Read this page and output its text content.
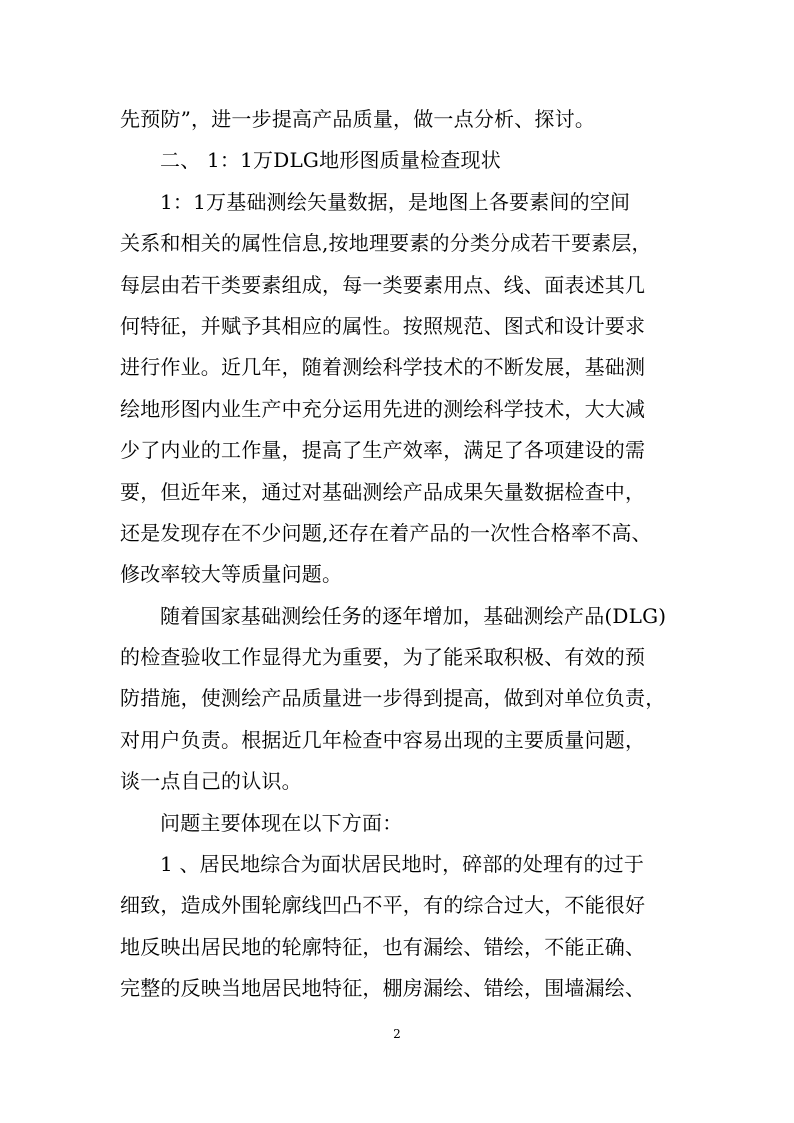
先预防”，进一步提高产品质量，做一点分析、探讨。
二、 1：1万DLG地形图质量检查现状
1：1万基础测绘矢量数据，是地图上各要素间的空间
关系和相关的属性信息,按地理要素的分类分成若干要素层，
每层由若干类要素组成，每一类要素用点、线、面表述其几
何特征，并赋予其相应的属性。按照规范、图式和设计要求
进行作业。近几年，随着测绘科学技术的不断发展，基础测
绘地形图内业生产中充分运用先进的测绘科学技术，大大减
少了内业的工作量，提高了生产效率，满足了各项建设的需
要，但近年来，通过对基础测绘产品成果矢量数据检查中，
还是发现存在不少问题,还存在着产品的一次性合格率不高、
修改率较大等质量问题。
随着国家基础测绘任务的逐年增加，基础测绘产品(DLG)
的检查验收工作显得尤为重要，为了能采取积极、有效的预
防措施，使测绘产品质量进一步得到提高，做到对单位负责，
对用户负责。根据近几年检查中容易出现的主要质量问题，
谈一点自己的认识。
问题主要体现在以下方面：
1 、居民地综合为面状居民地时，碎部的处理有的过于
细致，造成外围轮廓线凹凸不平，有的综合过大，不能很好
地反映出居民地的轮廓特征，也有漏绘、错绘，不能正确、
完整的反映当地居民地特征，棚房漏绘、错绘，围墙漏绘、
2
